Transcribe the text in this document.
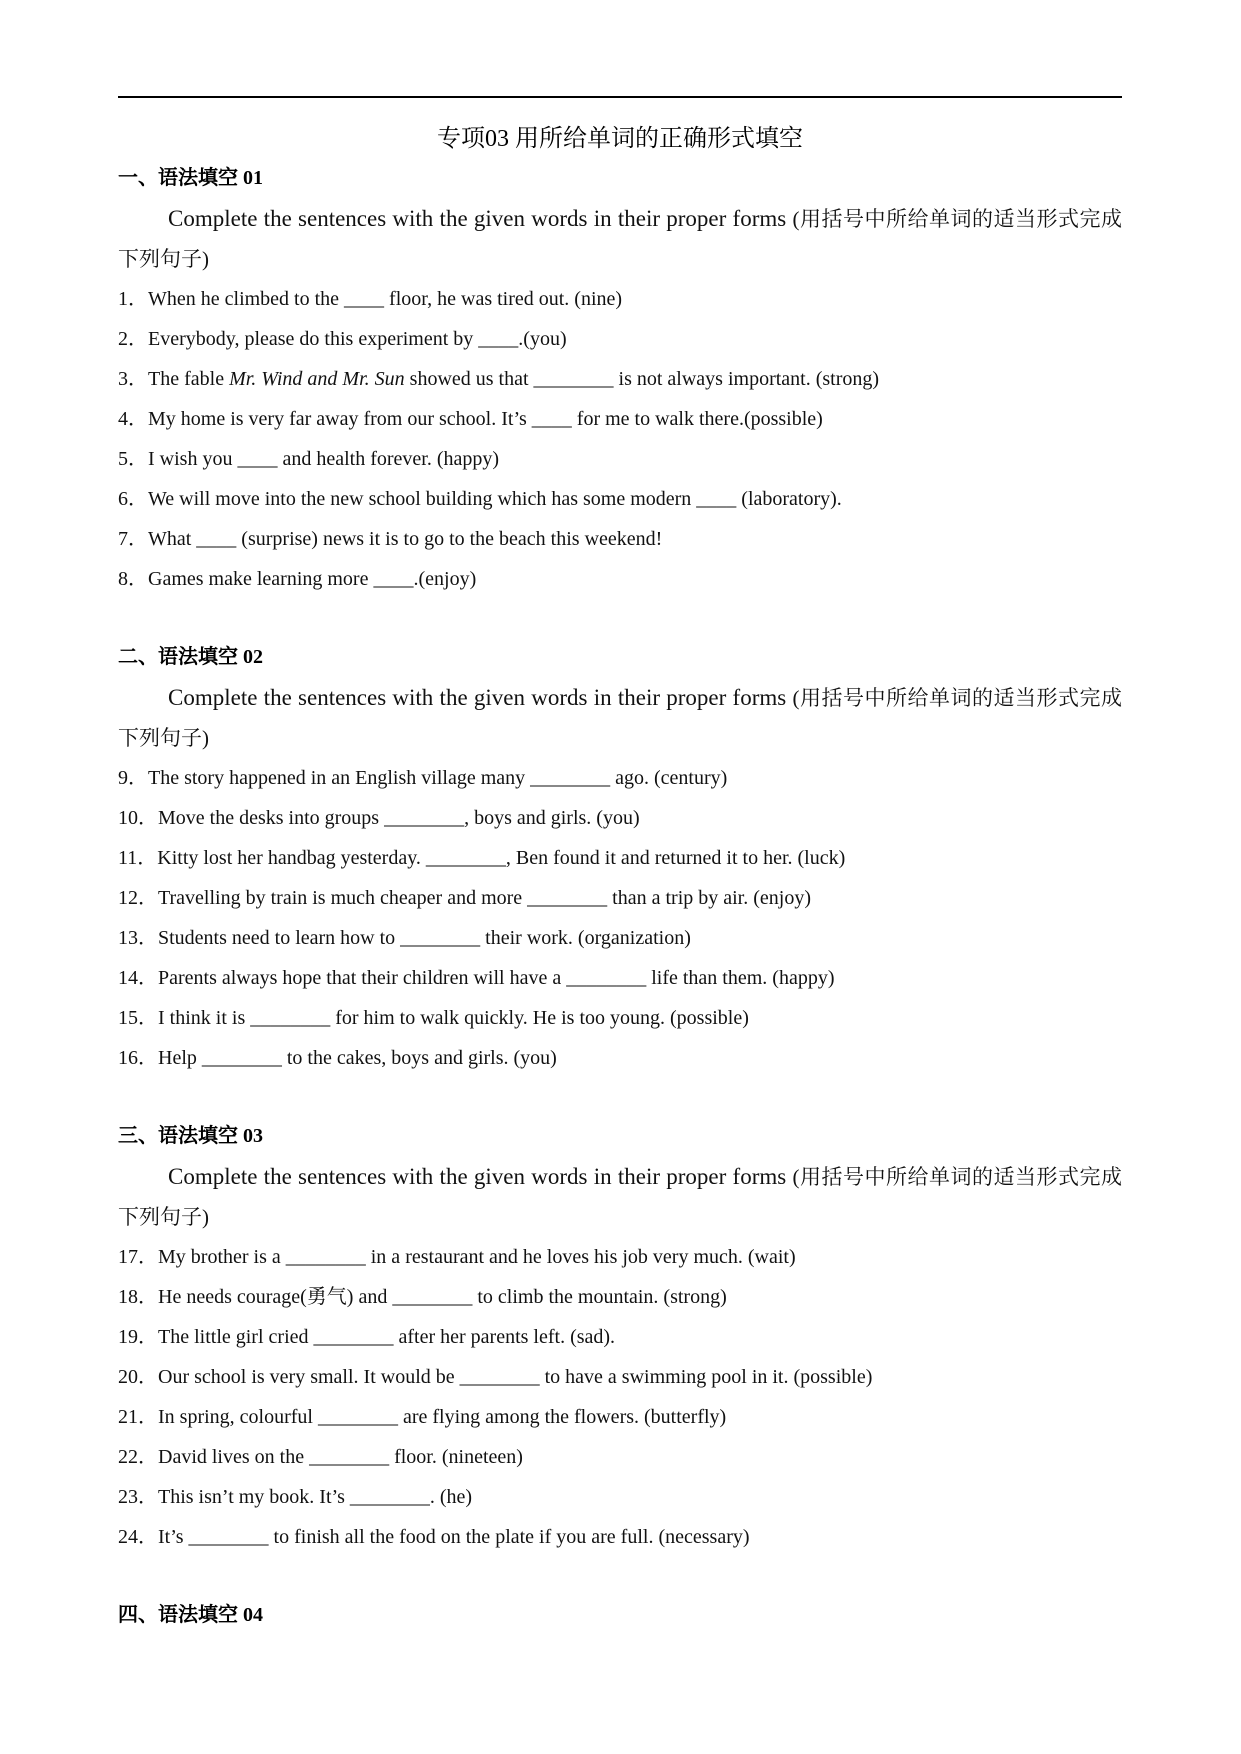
专项03 用所给单词的正确形式填空
一、语法填空 01
Complete the sentences with the given words in their proper forms (用括号中所给单词的适当形式完成下列句子)
1．When he climbed to the ____ floor, he was tired out. (nine)
2．Everybody, please do this experiment by ____.(you)
3．The fable Mr. Wind and Mr. Sun showed us that ________ is not always important. (strong)
4．My home is very far away from our school. It’s ____ for me to walk there.(possible)
5．I wish you ____ and health forever. (happy)
6．We will move into the new school building which has some modern ____ (laboratory).
7．What ____ (surprise) news it is to go to the beach this weekend!
8．Games make learning more ____.(enjoy)
二、语法填空 02
Complete the sentences with the given words in their proper forms (用括号中所给单词的适当形式完成下列句子)
9．The story happened in an English village many ________ ago. (century)
10．Move the desks into groups ________, boys and girls. (you)
11．Kitty lost her handbag yesterday. ________, Ben found it and returned it to her. (luck)
12．Travelling by train is much cheaper and more ________ than a trip by air. (enjoy)
13．Students need to learn how to ________ their work. (organization)
14．Parents always hope that their children will have a ________ life than them. (happy)
15．I think it is ________ for him to walk quickly. He is too young. (possible)
16．Help ________ to the cakes, boys and girls. (you)
三、语法填空 03
Complete the sentences with the given words in their proper forms (用括号中所给单词的适当形式完成下列句子)
17．My brother is a ________ in a restaurant and he loves his job very much. (wait)
18．He needs courage(勇气) and ________ to climb the mountain. (strong)
19．The little girl cried ________ after her parents left. (sad).
20．Our school is very small. It would be ________ to have a swimming pool in it. (possible)
21．In spring, colourful ________ are flying among the flowers. (butterfly)
22．David lives on the ________ floor. (nineteen)
23．This isn’t my book. It’s ________. (he)
24．It’s ________ to finish all the food on the plate if you are full. (necessary)
四、语法填空 04
